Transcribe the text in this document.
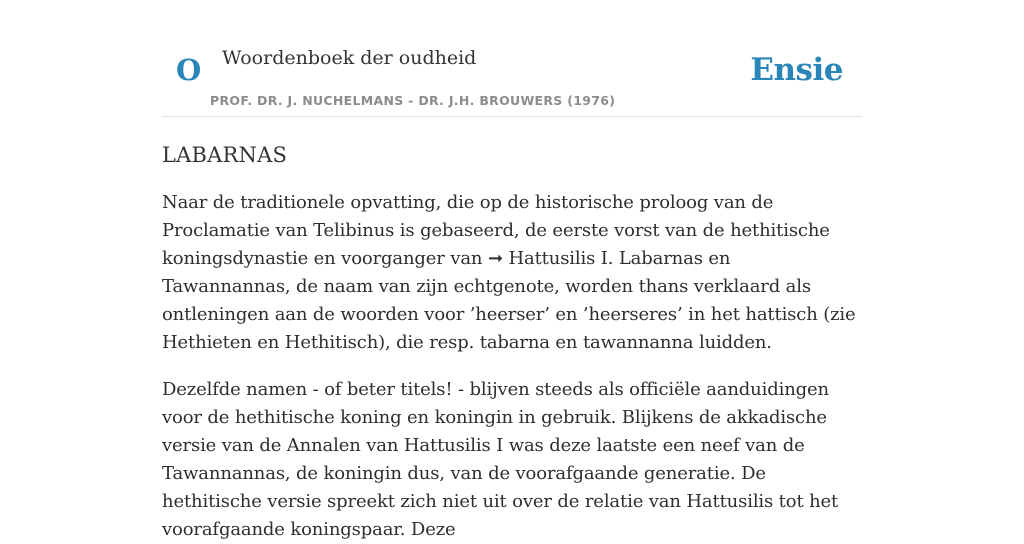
O Woordenboek der oudheid
PROF. DR. J. NUCHELMANS - DR. J.H. BROUWERS (1976)
Ensie
LABARNAS

Naar de traditionele opvatting, die op de historische proloog van de Proclamatie van Telibinus is gebaseerd, de eerste vorst van de hethitische koningsdynastie en voorganger van ➞ Hattusilis I. Labarnas en Tawannannas, de naam van zijn echtgenote, worden thans verklaard als ontleningen aan de woorden voor ’heerser’ en ’heerseres’ in het hattisch (zie Hethieten en Hethitisch), die resp. tabarna en tawannanna luidden.

Dezelfde namen - of beter titels! - blijven steeds als officiële aanduidingen voor de hethitische koning en koningin in gebruik. Blijkens de akkadische versie van de Annalen van Hattusilis I was deze laatste een neef van de Tawannannas, de koningin dus, van de voorafgaande generatie. De hethitische versie spreekt zich niet uit over de relatie van Hattusilis tot het voorafgaande koningspaar. Deze
